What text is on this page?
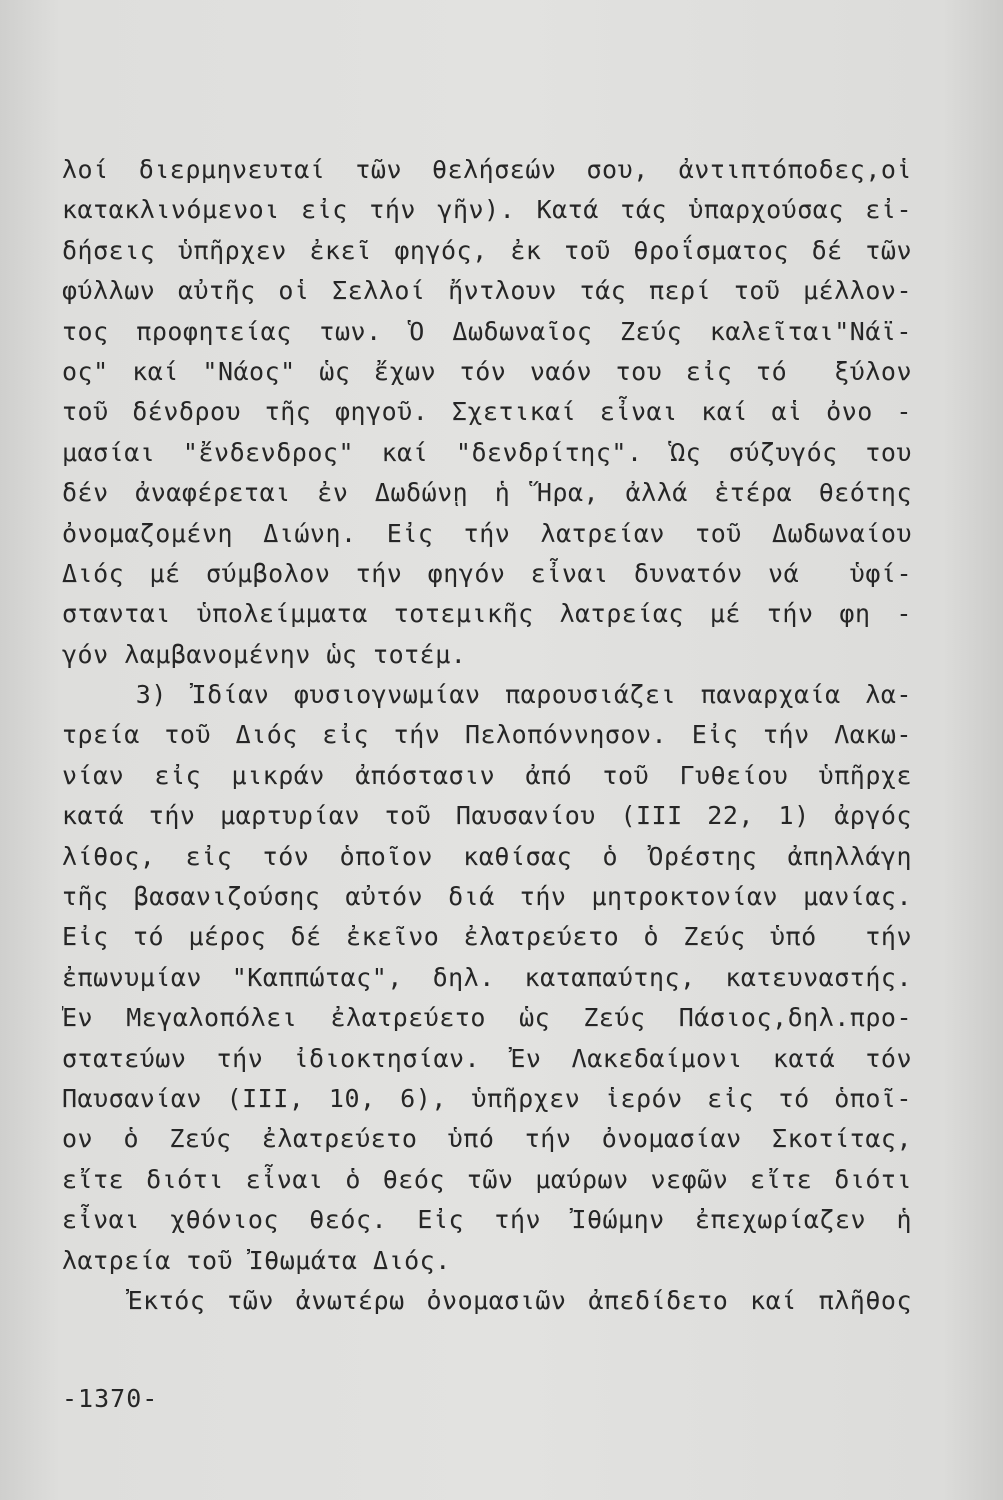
λοί διερμηνευταί τῶν θελήσεών σου, ἀντιπτόποδες,οἱ
κατακλινόμενοι εἰς τήν γῆν). Κατά τάς ὑπαρχούσας εἰ-
δήσεις ὑπῆρχεν ἐκεῖ φηγός, ἐκ τοῦ θροΐσματος δέ τῶν
φύλλων αὐτῆς οἱ Σελλοί ἤντλουν τάς περί τοῦ μέλλον-
τος προφητείας των. Ὁ Δωδωναῖος Ζεύς καλεῖται"Νάϊ-
ος" καί "Νάος" ὡς ἔχων τόν ναόν του εἰς τό  ξύλον
τοῦ δένδρου τῆς φηγοῦ. Σχετικαί εἶναι καί αἱ ὀνο -
μασίαι "ἔνδενδρος" καί "δενδρίτης". Ὡς σύζυγός του
δέν ἀναφέρεται ἐν Δωδώνῃ ἡ Ἥρα, ἀλλά ἑτέρα θεότης
ὀνομαζομένη Διώνη. Εἰς τήν λατρείαν τοῦ Δωδωναίου
Διός μέ σύμβολον τήν φηγόν εἶναι δυνατόν νά  ὑφί-
στανται ὑπολείμματα τοτεμικῆς λατρείας μέ τήν φη -
γόν λαμβανομένην ὡς τοτέμ.
3) Ἰδίαν φυσιογνωμίαν παρουσιάζει παναρχαία λα-
τρεία τοῦ Διός εἰς τήν Πελοπόννησον. Εἰς τήν Λακω-
νίαν εἰς μικράν ἀπόστασιν ἀπό τοῦ Γυθείου ὑπῆρχε
κατά τήν μαρτυρίαν τοῦ Παυσανίου (ΙΙΙ 22, 1) ἀργός
λίθος, εἰς τόν ὁποῖον καθίσας ὁ Ὀρέστης ἀπηλλάγη
τῆς βασανιζούσης αὐτόν διά τήν μητροκτονίαν μανίας.
Εἰς τό μέρος δέ ἐκεῖνο ἐλατρεύετο ὁ Ζεύς ὑπό  τήν
ἐπωνυμίαν "Καππώτας", δηλ. καταπαύτης, κατευναστής.
Ἐν Μεγαλοπόλει ἐλατρεύετο ὡς Ζεύς Πάσιος,δηλ.προ-
στατεύων τήν ἰδιοκτησίαν. Ἐν Λακεδαίμονι κατά τόν
Παυσανίαν (ΙΙΙ, 10, 6), ὑπῆρχεν ἱερόν εἰς τό ὁποῖ-
ον ὁ Ζεύς ἐλατρεύετο ὑπό τήν ὀνομασίαν Σκοτίτας,
εἴτε διότι εἶναι ὁ θεός τῶν μαύρων νεφῶν εἴτε διότι
εἶναι χθόνιος θεός. Εἰς τήν Ἰθώμην ἐπεχωρίαζεν ἡ
λατρεία τοῦ Ἰθωμάτα Διός.
Ἐκτός τῶν ἀνωτέρω ὀνομασιῶν ἀπεδίδετο καί πλῆθος
-1370-
